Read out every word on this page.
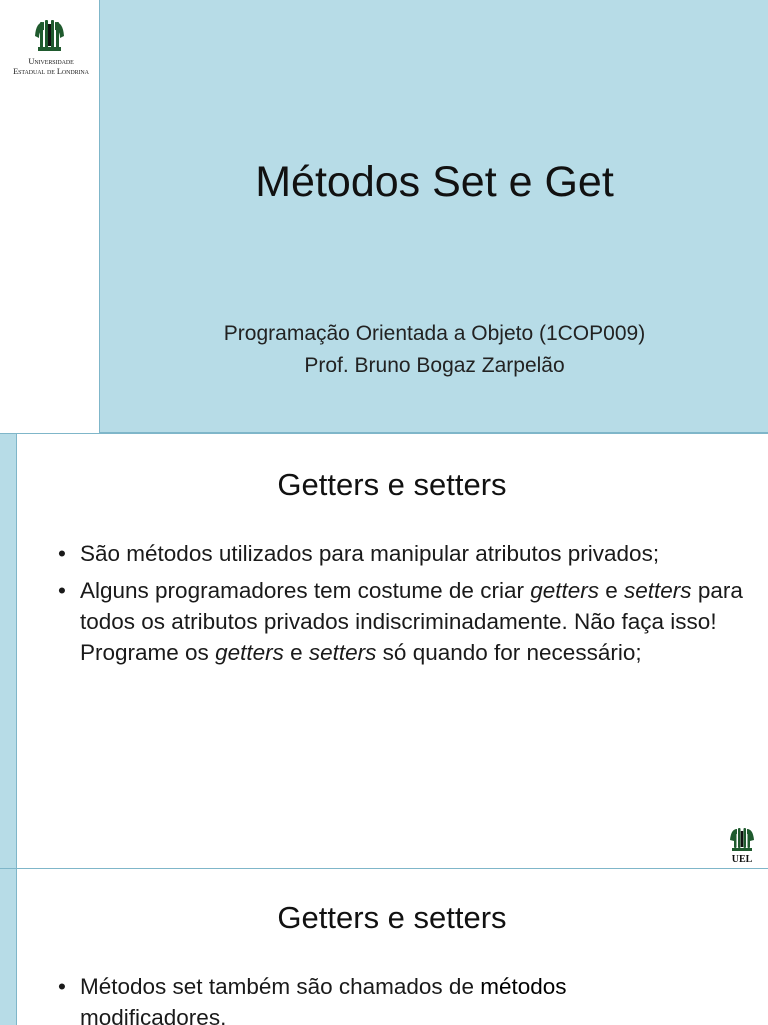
Universidade
Estadual de Londrina
Métodos Set e Get
Programação Orientada a Objeto (1COP009)
Prof. Bruno Bogaz Zarpelão
Getters e setters
• São métodos utilizados para manipular atributos privados;
• Alguns programadores tem costume de criar getters e setters para todos os atributos privados indiscriminadamente. Não faça isso! Programe os getters e setters só quando for necessário;
UEL
Getters e setters
• Métodos set também são chamados de métodos
modificadores.
